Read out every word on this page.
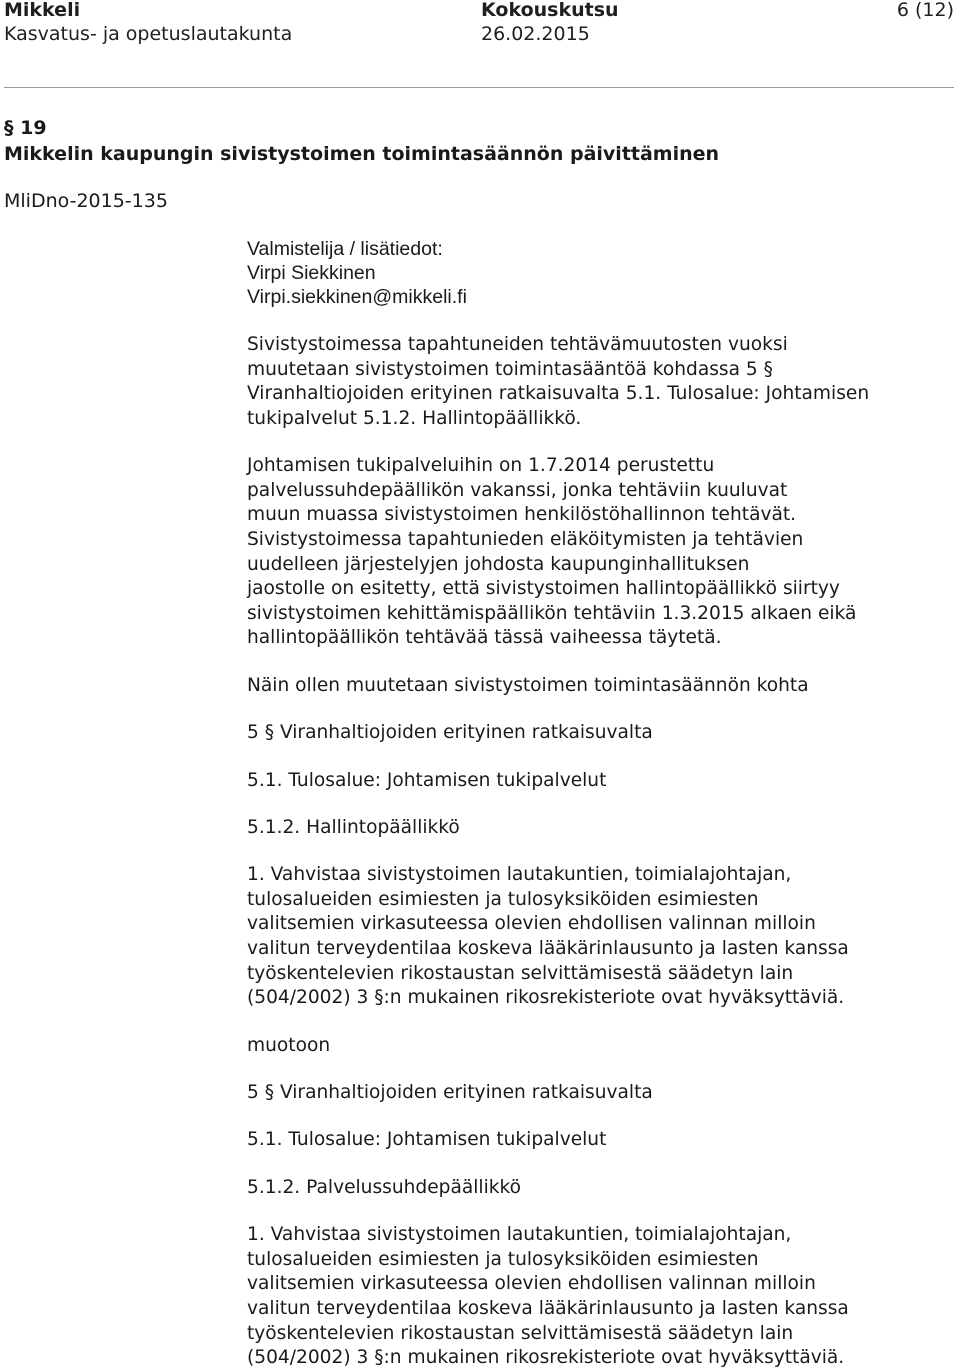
Mikkeli	Kokouskutsu	6 (12)
Kasvatus- ja opetuslautakunta	26.02.2015
§ 19
Mikkelin kaupungin sivistystoimen toimintasäännön päivittäminen
MliDno-2015-135
Valmistelija / lisätiedot:
Virpi Siekkinen
Virpi.siekkinen@mikkeli.fi

Sivistystoimessa tapahtuneiden tehtävämuutosten vuoksi
muutetaan sivistystoimen toimintasääntöä kohdassa 5 §
Viranhaltiojoiden erityinen ratkaisuvalta 5.1. Tulosalue: Johtamisen
tukipalvelut 5.1.2. Hallintopäällikkö.

Johtamisen tukipalveluihin on 1.7.2014 perustettu
palvelussuhdepäällikön vakanssi, jonka tehtäviin kuuluvat
muun muassa sivistystoimen henkilöstöhallinnon tehtävät.
Sivistystoimessa tapahtunieden eläköitymisten ja tehtävien
uudelleen järjestelyjen johdosta kaupunginhallituksen
jaostolle on esitetty, että sivistystoimen hallintopäällikkö siirtyy
sivistystoimen kehittämispäällikön tehtäviin 1.3.2015 alkaen eikä
hallintopäällikön tehtävää tässä vaiheessa täytetä.

Näin ollen muutetaan sivistystoimen toimintasäännön kohta

5 § Viranhaltiojoiden erityinen ratkaisuvalta

5.1. Tulosalue: Johtamisen tukipalvelut

5.1.2. Hallintopäällikkö

1. Vahvistaa sivistystoimen lautakuntien, toimialajohtajan,
tulosalueiden esimiesten ja tulosyksiköiden esimiesten
valitsemien virkasuteessa olevien ehdollisen valinnan milloin
valitun terveydentilaa koskeva lääkärinlausunto ja lasten kanssa
työskentelevien rikostaustan selvittämisestä säädetyn lain
(504/2002) 3 §:n mukainen rikosrekisteriote ovat hyväksyttäviä.

muotoon

5 § Viranhaltiojoiden erityinen ratkaisuvalta

5.1. Tulosalue: Johtamisen tukipalvelut

5.1.2. Palvelussuhdepäällikkö

1. Vahvistaa sivistystoimen lautakuntien, toimialajohtajan,
tulosalueiden esimiesten ja tulosyksiköiden esimiesten
valitsemien virkasuteessa olevien ehdollisen valinnan milloin
valitun terveydentilaa koskeva lääkärinlausunto ja lasten kanssa
työskentelevien rikostaustan selvittämisestä säädetyn lain
(504/2002) 3 §:n mukainen rikosrekisteriote ovat hyväksyttäviä.
